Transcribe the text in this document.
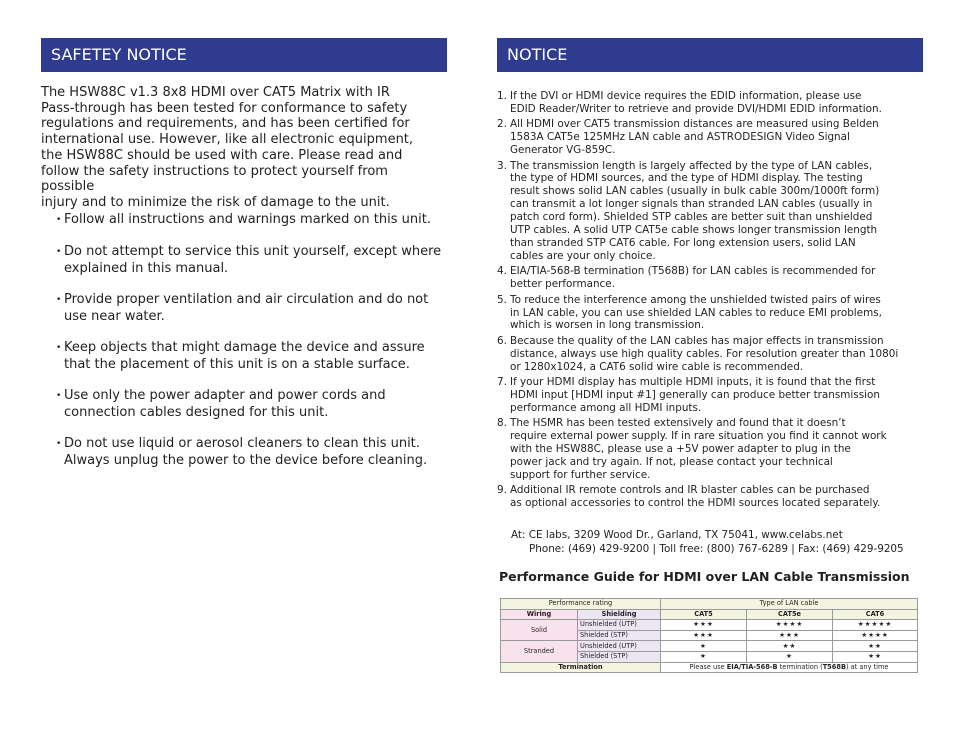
SAFETEY NOTICE

The HSW88C v1.3 8x8 HDMI over CAT5 Matrix with IR

Pass-through has been tested for conformance to safety

regulations and requirements, and has been certified for

international use. However, like all electronic equipment,

the HSW88C should be used with care. Please read and

follow the safety instructions to protect yourself from possible

injury and to minimize the risk of damage to the unit.

• Follow all instructions and warnings marked on this unit.
• Do not attempt to service this unit yourself, except where
explained in this manual.
• Provide proper ventilation and air circulation and do not
use near water.
• Keep objects that might damage the device and assure
that the placement of this unit is on a stable surface.
• Use only the power adapter and power cords and
connection cables designed for this unit.
• Do not use liquid or aerosol cleaners to clean this unit.
Always unplug the power to the device before cleaning.
NOTICE
1. If the DVI or HDMI device requires the EDID information, please use
EDID Reader/Writer to retrieve and provide DVI/HDMI EDID information.
2. All HDMI over CAT5 transmission distances are measured using Belden
1583A CAT5e 125MHz LAN cable and ASTRODESIGN Video Signal
Generator VG-859C.
3. The transmission length is largely affected by the type of LAN cables,
the type of HDMI sources, and the type of HDMI display. The testing
result shows solid LAN cables (usually in bulk cable 300m/1000ft form)
can transmit a lot longer signals than stranded LAN cables (usually in
patch cord form). Shielded STP cables are better suit than unshielded
UTP cables. A solid UTP CAT5e cable shows longer transmission length
than stranded STP CAT6 cable. For long extension users, solid LAN
cables are your only choice.
4. EIA/TIA-568-B termination (T568B) for LAN cables is recommended for
better performance.
5. To reduce the interference among the unshielded twisted pairs of wires
in LAN cable, you can use shielded LAN cables to reduce EMI problems,
which is worsen in long transmission.
6. Because the quality of the LAN cables has major effects in transmission
distance, always use high quality cables. For resolution greater than 1080i
or 1280x1024, a CAT6 solid wire cable is recommended.
7. If your HDMI display has multiple HDMI inputs, it is found that the first
HDMI input [HDMI input #1] generally can produce better transmission
performance among all HDMI inputs.
8. The HSMR has been tested extensively and found that it doesn’t
require external power supply. If in rare situation you find it cannot work
with the HSW88C, please use a +5V power adapter to plug in the
power jack and try again. If not, please contact your technical
support for further service.
9. Additional IR remote controls and IR blaster cables can be purchased
as optional accessories to control the HDMI sources located separately.
At: CE labs, 3209 Wood Dr., Garland, TX 75041, www.celabs.net
Phone: (469) 429-9200 | Toll free: (800) 767-6289 | Fax: (469) 429-9205
Performance Guide for HDMI over LAN Cable Transmission
Performance rating		Type of LAN cable		
Wiring	Shielding	CAT5	CAT5e	CAT6
Solid	Unshielded (UTP)	★★★	★★★★	★★★★★
	Shielded (STP)	★★★	★★★	★★★★
Stranded	Unshielded (UTP)	★	★★	★★
	Shielded (STP)	★	★	★★
Termination		Please use EIA/TIA-568-B termination (T568B) at any time		
